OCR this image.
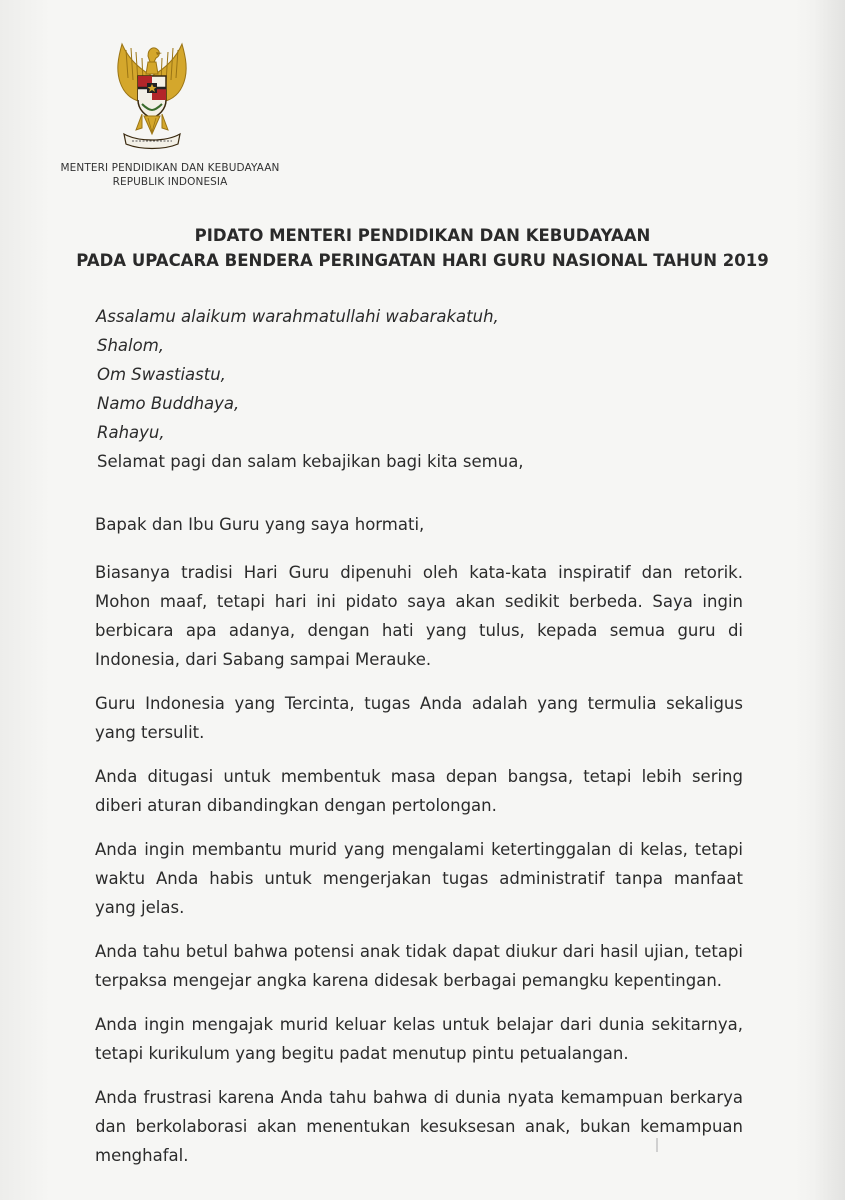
MENTERI PENDIDIKAN DAN KEBUDAYAAN
REPUBLIK INDONESIA
PIDATO MENTERI PENDIDIKAN DAN KEBUDAYAAN
PADA UPACARA BENDERA PERINGATAN HARI GURU NASIONAL TAHUN 2019
Assalamu alaikum warahmatullahi wabarakatuh,
Shalom,
Om Swastiastu,
Namo Buddhaya,
Rahayu,
Selamat pagi dan salam kebajikan bagi kita semua,

Bapak dan Ibu Guru yang saya hormati,

Biasanya tradisi Hari Guru dipenuhi oleh kata-kata inspiratif dan retorik. Mohon maaf, tetapi hari ini pidato saya akan sedikit berbeda. Saya ingin berbicara apa adanya, dengan hati yang tulus, kepada semua guru di Indonesia, dari Sabang sampai Merauke.

Guru Indonesia yang Tercinta, tugas Anda adalah yang termulia sekaligus yang tersulit.

Anda ditugasi untuk membentuk masa depan bangsa, tetapi lebih sering diberi aturan dibandingkan dengan pertolongan.

Anda ingin membantu murid yang mengalami ketertinggalan di kelas, tetapi waktu Anda habis untuk mengerjakan tugas administratif tanpa manfaat yang jelas.

Anda tahu betul bahwa potensi anak tidak dapat diukur dari hasil ujian, tetapi terpaksa mengejar angka karena didesak berbagai pemangku kepentingan.

Anda ingin mengajak murid keluar kelas untuk belajar dari dunia sekitarnya, tetapi kurikulum yang begitu padat menutup pintu petualangan.

Anda frustrasi karena Anda tahu bahwa di dunia nyata kemampuan berkarya dan berkolaborasi akan menentukan kesuksesan anak, bukan kemampuan menghafal.
